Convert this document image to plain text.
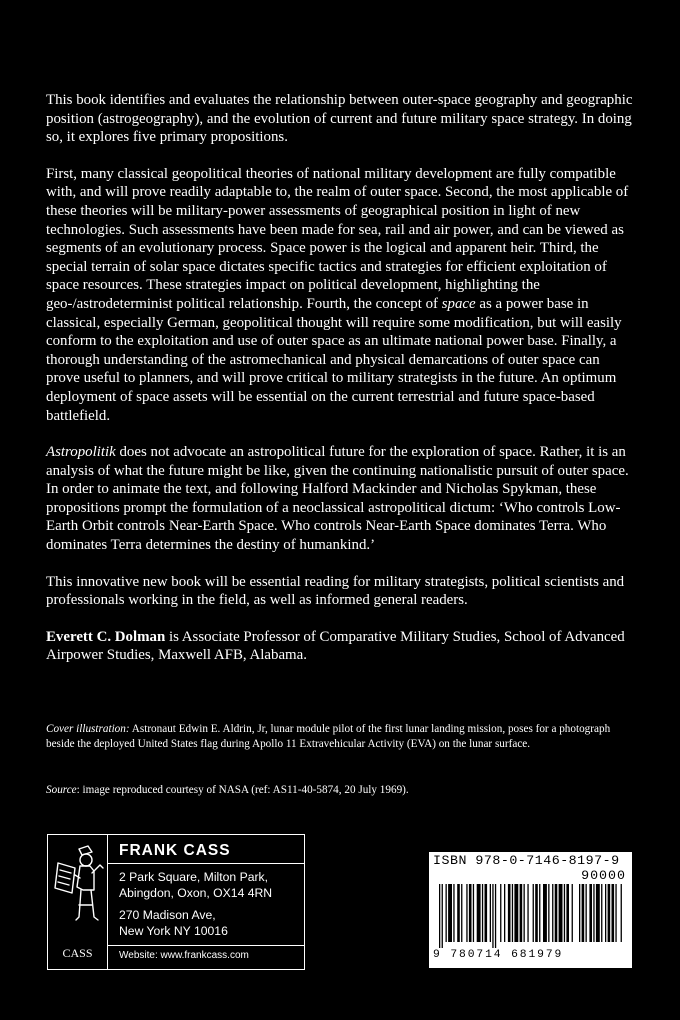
This book identifies and evaluates the relationship between outer-space geography and geographic position (astrogeography), and the evolution of current and future military space strategy. In doing so, it explores five primary propositions.

First, many classical geopolitical theories of national military development are fully compatible with, and will prove readily adaptable to, the realm of outer space. Second, the most applicable of these theories will be military-power assessments of geographical position in light of new technologies. Such assessments have been made for sea, rail and air power, and can be viewed as segments of an evolutionary process. Space power is the logical and apparent heir. Third, the special terrain of solar space dictates specific tactics and strategies for efficient exploitation of space resources. These strategies impact on political development, highlighting the geo-/astrodeterminist political relationship. Fourth, the concept of space as a power base in classical, especially German, geopolitical thought will require some modification, but will easily conform to the exploitation and use of outer space as an ultimate national power base. Finally, a thorough understanding of the astromechanical and physical demarcations of outer space can prove useful to planners, and will prove critical to military strategists in the future. An optimum deployment of space assets will be essential on the current terrestrial and future space-based battlefield.

Astropolitik does not advocate an astropolitical future for the exploration of space. Rather, it is an analysis of what the future might be like, given the continuing nationalistic pursuit of outer space. In order to animate the text, and following Halford Mackinder and Nicholas Spykman, these propositions prompt the formulation of a neoclassical astropolitical dictum: ‘Who controls Low-Earth Orbit controls Near-Earth Space. Who controls Near-Earth Space dominates Terra. Who dominates Terra determines the destiny of humankind.’

This innovative new book will be essential reading for military strategists, political scientists and professionals working in the field, as well as informed general readers.

Everett C. Dolman is Associate Professor of Comparative Military Studies, School of Advanced Airpower Studies, Maxwell AFB, Alabama.

Cover illustration: Astronaut Edwin E. Aldrin, Jr, lunar module pilot of the first lunar landing mission, poses for a photograph beside the deployed United States flag during Apollo 11 Extravehicular Activity (EVA) on the lunar surface.

Source: image reproduced courtesy of NASA (ref: AS11-40-5874, 20 July 1969).

CASS
FRANK CASS

2 Park Square, Milton Park,
Abingdon, Oxon, OX14 4RN

270 Madison Ave,
New York NY 10016

Website: www.frankcass.com
ISBN 978-0-7146-8197-9
90000
9 780714 681979
